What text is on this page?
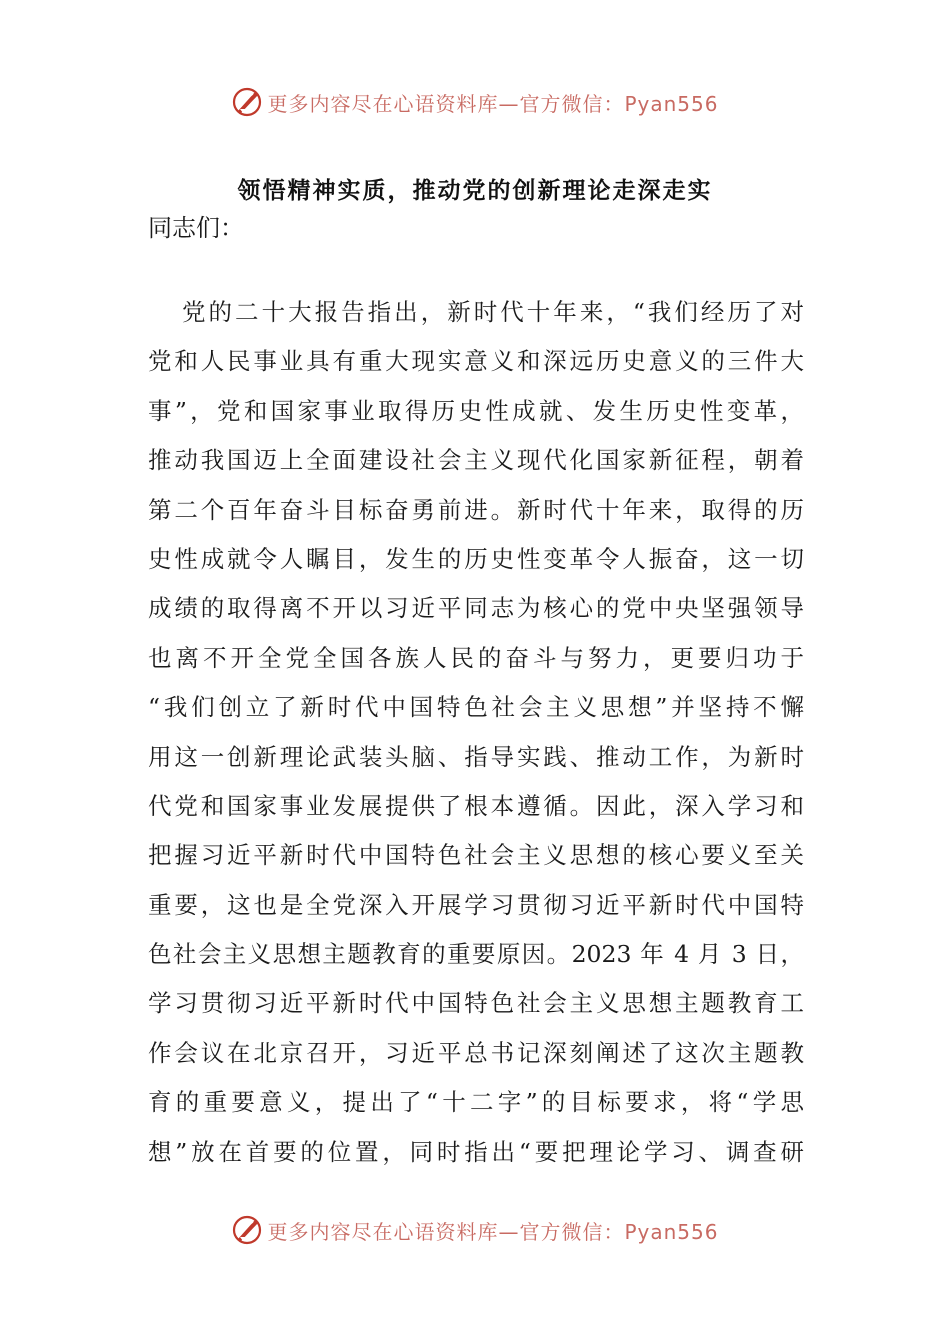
更多内容尽在心语资料库—官方微信：Pyan556
领悟精神实质，推动党的创新理论走深走实
同志们：
党的二十大报告指出，新时代十年来，“我们经历了对
党和人民事业具有重大现实意义和深远历史意义的三件大
事”，党和国家事业取得历史性成就、发生历史性变革，
推动我国迈上全面建设社会主义现代化国家新征程，朝着
第二个百年奋斗目标奋勇前进。新时代十年来，取得的历
史性成就令人瞩目，发生的历史性变革令人振奋，这一切
成绩的取得离不开以习近平同志为核心的党中央坚强领导
也离不开全党全国各族人民的奋斗与努力，更要归功于
“我们创立了新时代中国特色社会主义思想”并坚持不懈
用这一创新理论武装头脑、指导实践、推动工作，为新时
代党和国家事业发展提供了根本遵循。因此，深入学习和
把握习近平新时代中国特色社会主义思想的核心要义至关
重要，这也是全党深入开展学习贯彻习近平新时代中国特
色社会主义思想主题教育的重要原因。2023 年 4 月 3 日，
学习贯彻习近平新时代中国特色社会主义思想主题教育工
作会议在北京召开，习近平总书记深刻阐述了这次主题教
育的重要意义，提出了“十二字”的目标要求，将“学思
想”放在首要的位置，同时指出“要把理论学习、调查研
更多内容尽在心语资料库—官方微信：Pyan556
